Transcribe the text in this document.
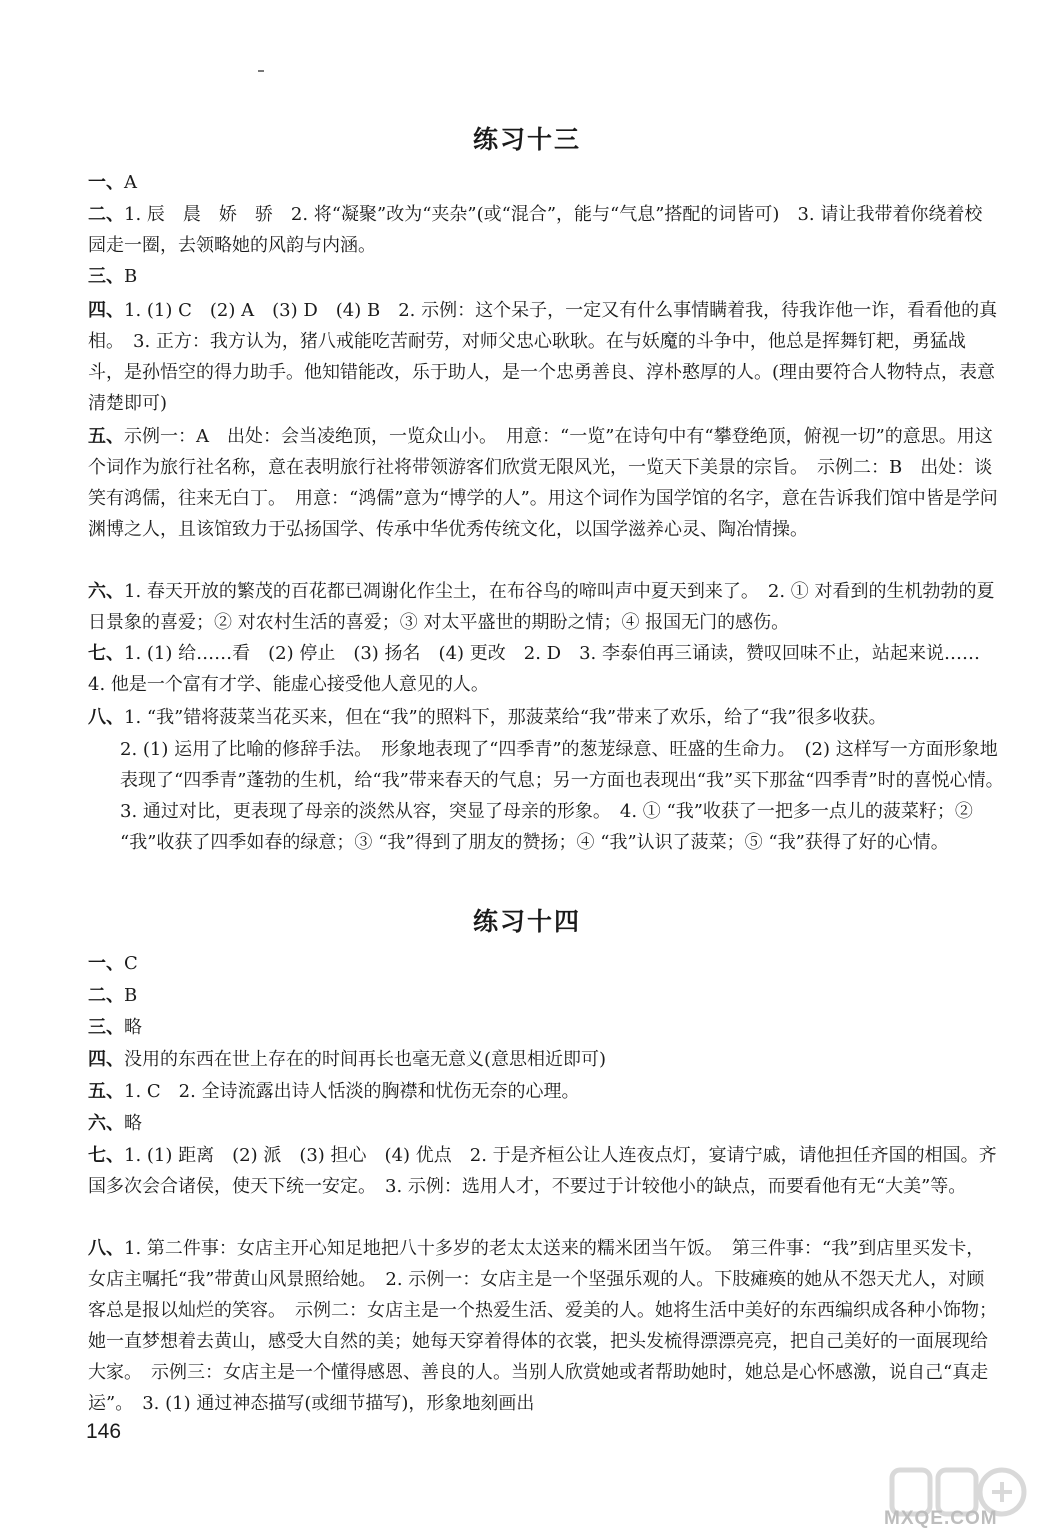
练习十三
一、A
二、1. 辰　晨　娇　骄　2. 将“凝聚”改为“夹杂”(或“混合”，能与“气息”搭配的词皆可)　3. 请让我带着你绕着校园走一圈，去领略她的风韵与内涵。
三、B
四、1. (1) C　(2) A　(3) D　(4) B　2. 示例：这个呆子，一定又有什么事情瞒着我，待我诈他一诈，看看他的真相。　3. 正方：我方认为，猪八戒能吃苦耐劳，对师父忠心耿耿。在与妖魔的斗争中，他总是挥舞钉耙，勇猛战斗，是孙悟空的得力助手。他知错能改，乐于助人，是一个忠勇善良、淳朴憨厚的人。(理由要符合人物特点，表意清楚即可)
五、示例一：A　出处：会当凌绝顶，一览众山小。　用意：“一览”在诗句中有“攀登绝顶，俯视一切”的意思。用这个词作为旅行社名称，意在表明旅行社将带领游客们欣赏无限风光，一览天下美景的宗旨。　示例二：B　出处：谈笑有鸿儒，往来无白丁。　用意：“鸿儒”意为“博学的人”。用这个词作为国学馆的名字，意在告诉我们馆中皆是学问渊博之人，且该馆致力于弘扬国学、传承中华优秀传统文化，以国学滋养心灵、陶冶情操。
六、1. 春天开放的繁茂的百花都已凋谢化作尘土，在布谷鸟的啼叫声中夏天到来了。　2. ① 对看到的生机勃勃的夏日景象的喜爱；② 对农村生活的喜爱；③ 对太平盛世的期盼之情；④ 报国无门的感伤。
七、1. (1) 给……看　(2) 停止　(3) 扬名　(4) 更改　2. D　3. 李泰伯再三诵读，赞叹回味不止，站起来说……　4. 他是一个富有才学、能虚心接受他人意见的人。
八、1. “我”错将菠菜当花买来，但在“我”的照料下，那菠菜给“我”带来了欢乐，给了“我”很多收获。
2. (1) 运用了比喻的修辞手法。　形象地表现了“四季青”的葱茏绿意、旺盛的生命力。　(2) 这样写一方面形象地表现了“四季青”蓬勃的生机，给“我”带来春天的气息；另一方面也表现出“我”买下那盆“四季青”时的喜悦心情。　3. 通过对比，更表现了母亲的淡然从容，突显了母亲的形象。　4. ① “我”收获了一把多一点儿的菠菜籽；② “我”收获了四季如春的绿意；③ “我”得到了朋友的赞扬；④ “我”认识了菠菜；⑤ “我”获得了好的心情。
练习十四
一、C
二、B
三、略
四、没用的东西在世上存在的时间再长也毫无意义(意思相近即可)
五、1. C　2. 全诗流露出诗人恬淡的胸襟和忧伤无奈的心理。
六、略
七、1. (1) 距离　(2) 派　(3) 担心　(4) 优点　2. 于是齐桓公让人连夜点灯，宴请宁戚，请他担任齐国的相国。齐国多次会合诸侯，使天下统一安定。　3. 示例：选用人才，不要过于计较他小的缺点，而要看他有无“大美”等。
八、1. 第二件事：女店主开心知足地把八十多岁的老太太送来的糯米团当午饭。　第三件事：“我”到店里买发卡，女店主嘱托“我”带黄山风景照给她。　2. 示例一：女店主是一个坚强乐观的人。下肢瘫痪的她从不怨天尤人，对顾客总是报以灿烂的笑容。　示例二：女店主是一个热爱生活、爱美的人。她将生活中美好的东西编织成各种小饰物；她一直梦想着去黄山，感受大自然的美；她每天穿着得体的衣裳，把头发梳得漂漂亮亮，把自己美好的一面展现给大家。　示例三：女店主是一个懂得感恩、善良的人。当别人欣赏她或者帮助她时，她总是心怀感激，说自己“真走运”。　3. (1) 通过神态描写(或细节描写)，形象地刻画出
146
MXQE.COM
